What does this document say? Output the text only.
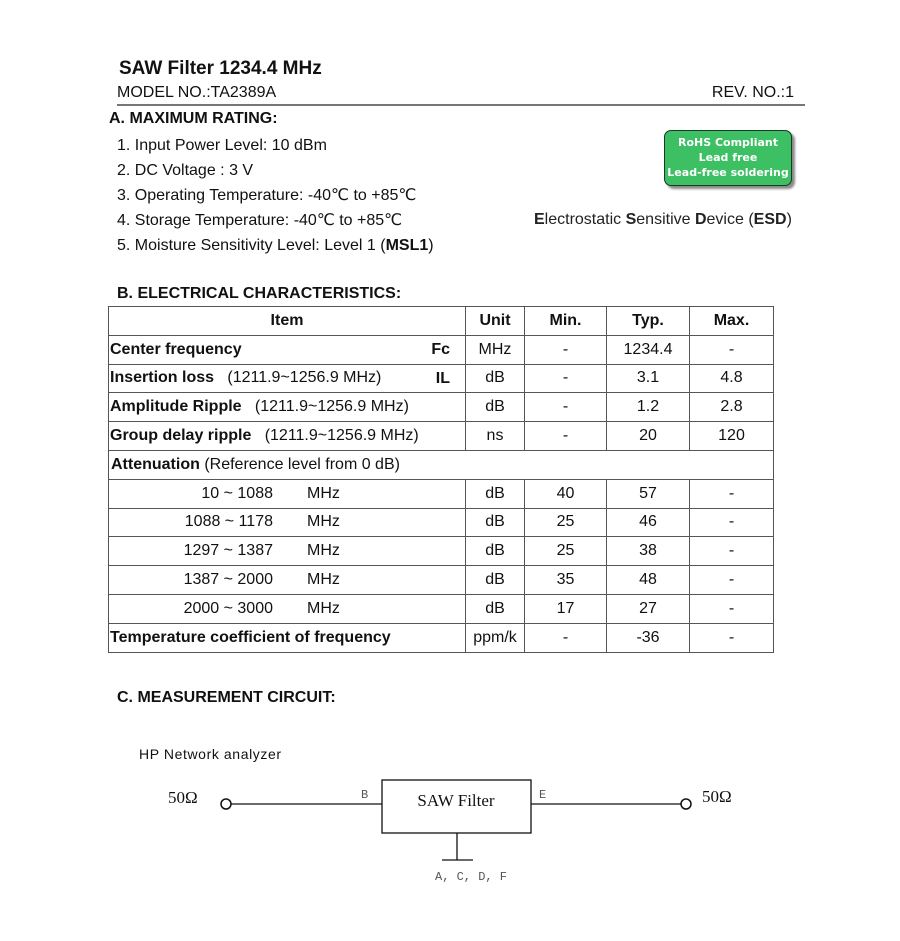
SAW Filter 1234.4 MHz
MODEL NO.:TA2389A	REV. NO.:1
A. MAXIMUM RATING:
1. Input Power Level: 10 dBm
2. DC Voltage : 3 V
3. Operating Temperature: -40℃ to +85℃
4. Storage Temperature: -40℃ to +85℃
5. Moisture Sensitivity Level: Level 1 (MSL1)
RoHS Compliant
Lead free
Lead-free soldering
Electrostatic Sensitive Device (ESD)
B. ELECTRICAL CHARACTERISTICS:
Item	Unit	Min.	Typ.	Max.
Center frequency Fc	MHz	-	1234.4	-
Insertion loss   (1211.9~1256.9 MHz) IL	dB	-	3.1	4.8
Amplitude Ripple   (1211.9~1256.9 MHz)	dB	-	1.2	2.8
Group delay ripple   (1211.9~1256.9 MHz)	ns	-	20	120
Attenuation (Reference level from 0 dB)				
10 ~ 1088 MHz	dB	40	57	-
1088 ~ 1178 MHz	dB	25	46	-
1297 ~ 1387 MHz	dB	25	38	-
1387 ~ 2000 MHz	dB	35	48	-
2000 ~ 3000 MHz	dB	17	27	-
Temperature coefficient of frequency	ppm/k	-	-36	-
C. MEASUREMENT CIRCUIT:
HP Network analyzer
50Ω	B	SAW Filter	E	50Ω
A, C, D, F
